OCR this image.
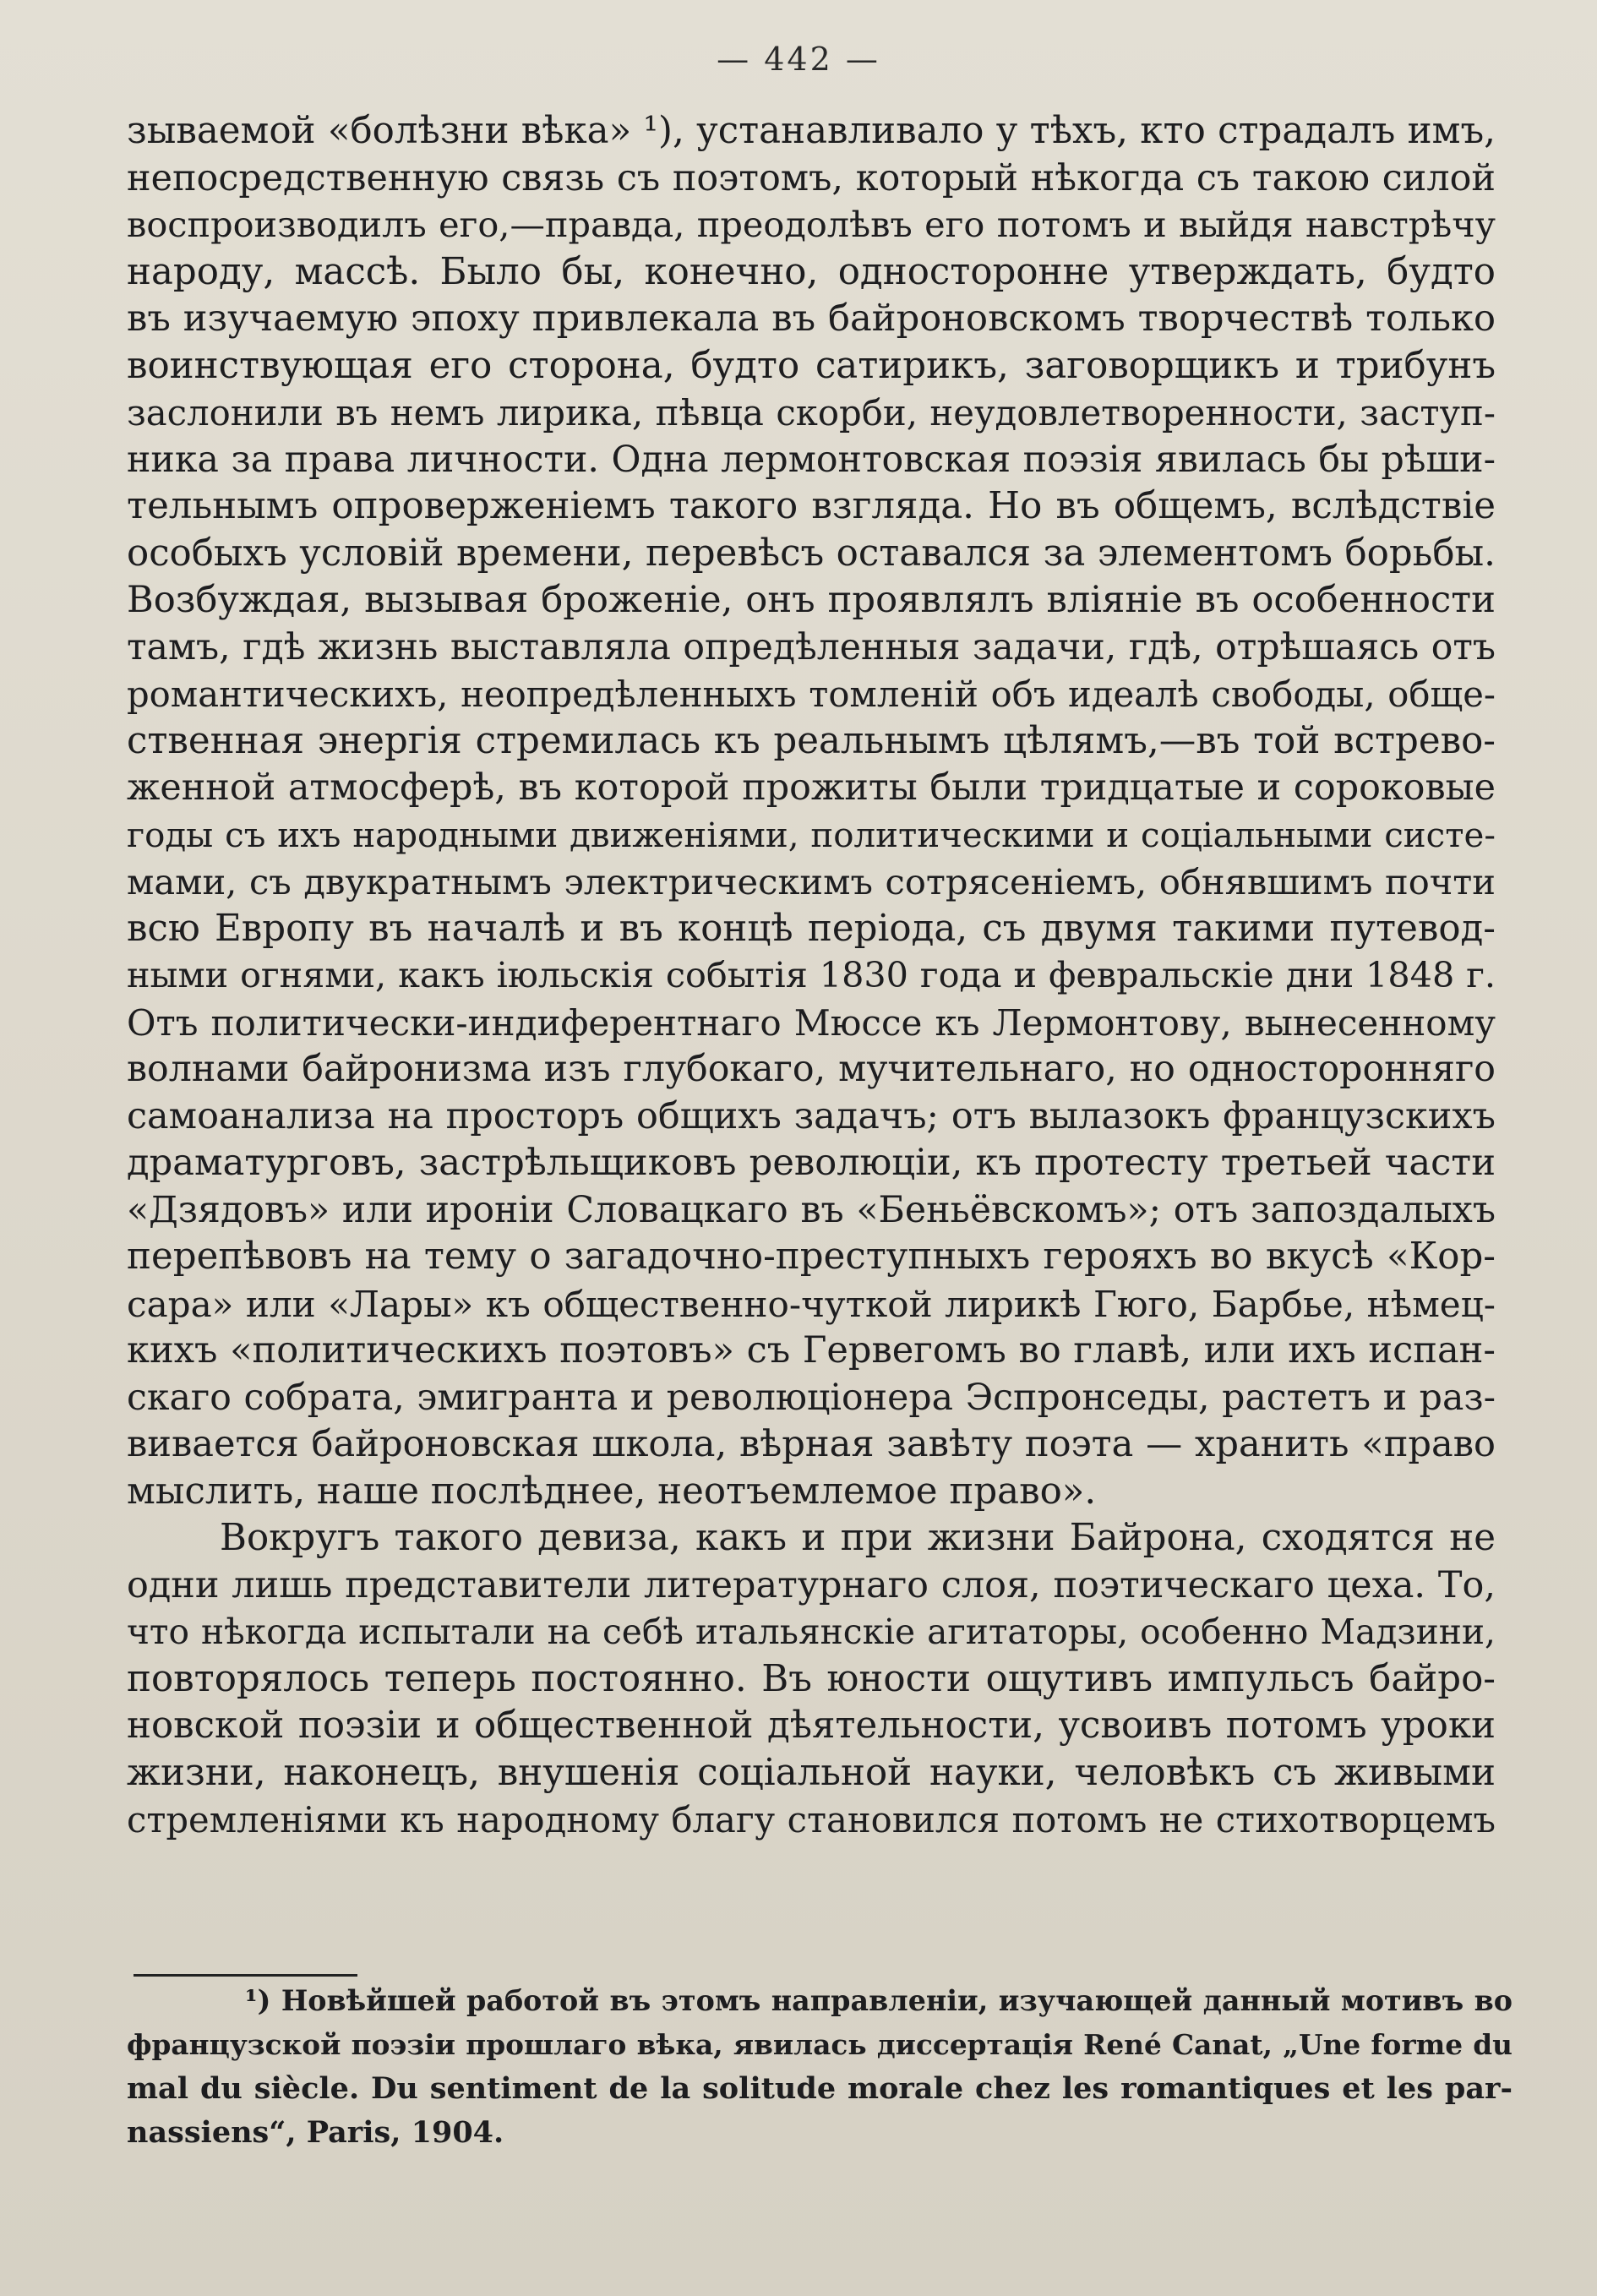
— 442 —
зываемой «болѣзни вѣка» ¹), устанавливало у тѣхъ, кто страдалъ имъ,
непосредственную связь съ поэтомъ, который нѣкогда съ такою силой
воспроизводилъ его,—правда, преодолѣвъ его потомъ и выйдя навстрѣчу
народу, массѣ. Было бы, конечно, односторонне утверждать, будто
въ изучаемую эпоху привлекала въ байроновскомъ творчествѣ только
воинствующая его сторона, будто сатирикъ, заговорщикъ и трибунъ
заслонили въ немъ лирика, пѣвца скорби, неудовлетворенности, заступ-
ника за права личности. Одна лермонтовская поэзія явилась бы рѣши-
тельнымъ опроверженіемъ такого взгляда. Но въ общемъ, вслѣдствіе
особыхъ условій времени, перевѣсъ оставался за элементомъ борьбы.
Возбуждая, вызывая броженіе, онъ проявлялъ вліяніе въ особенности
тамъ, гдѣ жизнь выставляла опредѣленныя задачи, гдѣ, отрѣшаясь отъ
романтическихъ, неопредѣленныхъ томленій объ идеалѣ свободы, обще-
ственная энергія стремилась къ реальнымъ цѣлямъ,—въ той встрево-
женной атмосферѣ, въ которой прожиты были тридцатые и сороковые
годы съ ихъ народными движеніями, политическими и соціальными систе-
мами, съ двукратнымъ электрическимъ сотрясеніемъ, обнявшимъ почти
всю Европу въ началѣ и въ концѣ періода, съ двумя такими путевод-
ными огнями, какъ іюльскія событія 1830 года и февральскіе дни 1848 г.
Отъ политически-индиферентнаго Мюссе къ Лермонтову, вынесенному
волнами байронизма изъ глубокаго, мучительнаго, но односторонняго
самоанализа на просторъ общихъ задачъ; отъ вылазокъ французскихъ
драматурговъ, застрѣльщиковъ революціи, къ протесту третьей части
«Дзядовъ» или ироніи Словацкаго въ «Беньёвскомъ»; отъ запоздалыхъ
перепѣвовъ на тему о загадочно-преступныхъ герояхъ во вкусѣ «Кор-
сара» или «Лары» къ общественно-чуткой лирикѣ Гюго, Барбье, нѣмец-
кихъ «политическихъ поэтовъ» съ Гервегомъ во главѣ, или ихъ испан-
скаго собрата, эмигранта и революціонера Эспронседы, растетъ и раз-
вивается байроновская школа, вѣрная завѣту поэта — хранить «право
мыслить, наше послѣднее, неотъемлемое право».
Вокругъ такого девиза, какъ и при жизни Байрона, сходятся не
одни лишь представители литературнаго слоя, поэтическаго цеха. То,
что нѣкогда испытали на себѣ итальянскіе агитаторы, особенно Мадзини,
повторялось теперь постоянно. Въ юности ощутивъ импульсъ байро-
новской поэзіи и общественной дѣятельности, усвоивъ потомъ уроки
жизни, наконецъ, внушенія соціальной науки, человѣкъ съ живыми
стремленіями къ народному благу становился потомъ не стихотворцемъ
¹) Новѣйшей работой въ этомъ направленіи, изучающей данный мотивъ во
французской поэзіи прошлаго вѣка, явилась диссертація René Canat, „Une forme du
mal du siècle. Du sentiment de la solitude morale chez les romantiques et les par-
nassiens“, Paris, 1904.
